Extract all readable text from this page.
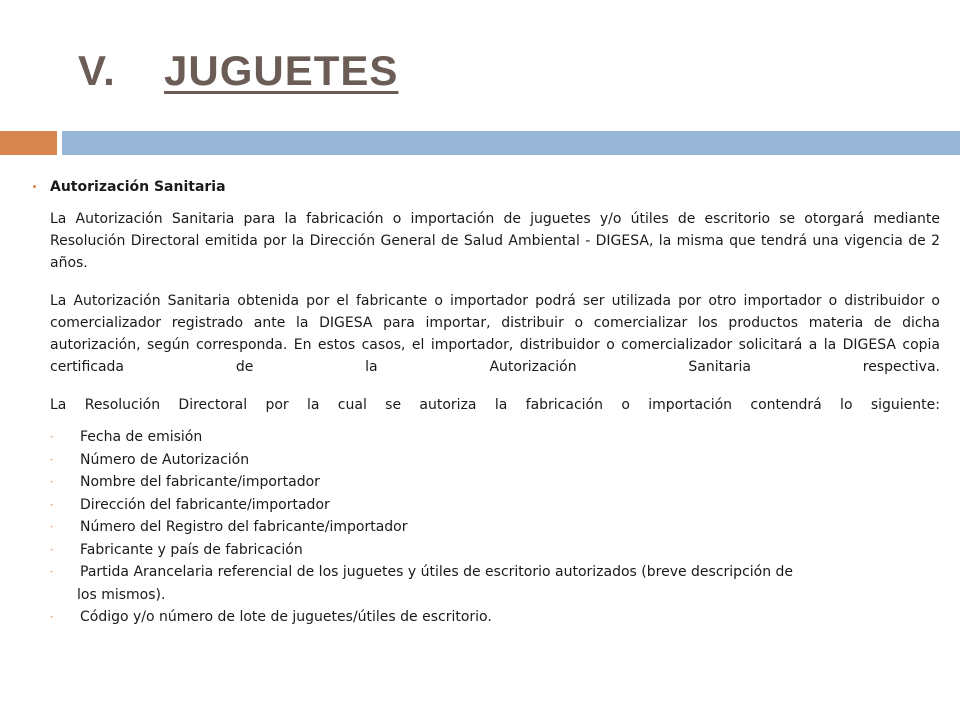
V. JUGUETES
Autorización Sanitaria

La Autorización Sanitaria para la fabricación o importación de juguetes y/o útiles de escritorio se otorgará mediante Resolución Directoral emitida por la Dirección General de Salud Ambiental - DIGESA, la misma que tendrá una vigencia de 2 años.

La Autorización Sanitaria obtenida por el fabricante o importador podrá ser utilizada por otro importador o distribuidor o comercializador registrado ante la DIGESA para importar, distribuir o comercializar los productos materia de dicha autorización, según corresponda. En estos casos, el importador, distribuidor o comercializador solicitará a la DIGESA copia certificada de la Autorización Sanitaria respectiva.

La Resolución Directoral por la cual se autoriza la fabricación o importación contendrá lo siguiente:

- Fecha de emisión
- Número de Autorización
- Nombre del fabricante/importador
- Dirección del fabricante/importador
- Número del Registro del fabricante/importador
- Fabricante y país de fabricación
- Partida Arancelaria referencial de los juguetes y útiles de escritorio autorizados (breve descripción de
los mismos).
- Código y/o número de lote de juguetes/útiles de escritorio.
